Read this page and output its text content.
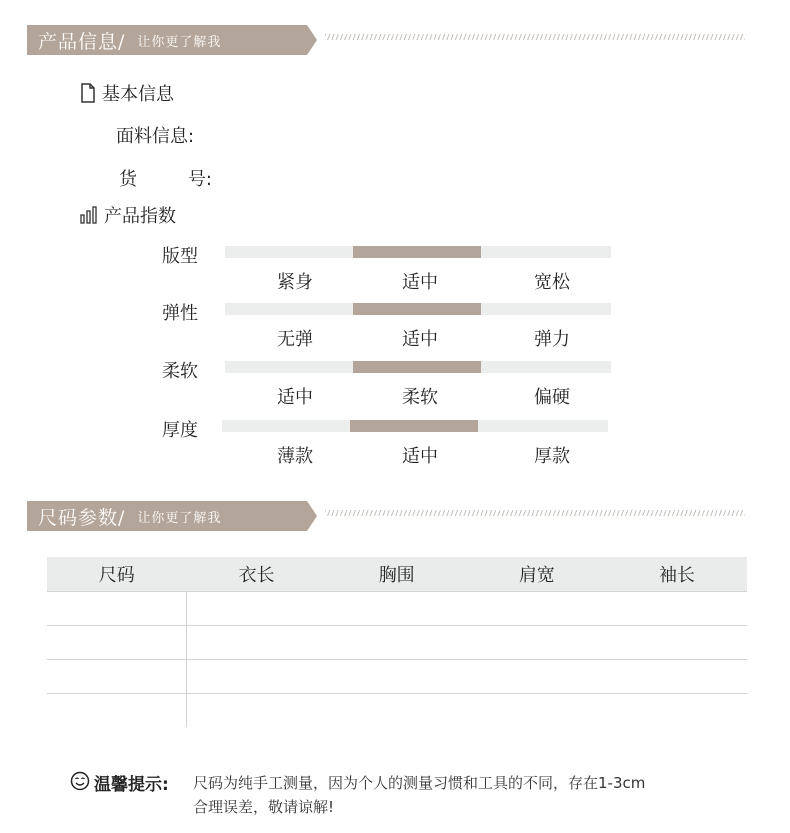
产品信息/ 让你更了解我
基本信息
面料信息:
货	号:
产品指数
版型
紧身	适中	宽松
弹性
无弹	适中	弹力
柔软
适中	柔软	偏硬
厚度
薄款	适中	厚款
尺码参数/ 让你更了解我
尺码	衣长	胸围	肩宽	袖长

温馨提示: 尺码为纯手工测量，因为个人的测量习惯和工具的不同，存在1-3cm
合理误差，敬请谅解!
